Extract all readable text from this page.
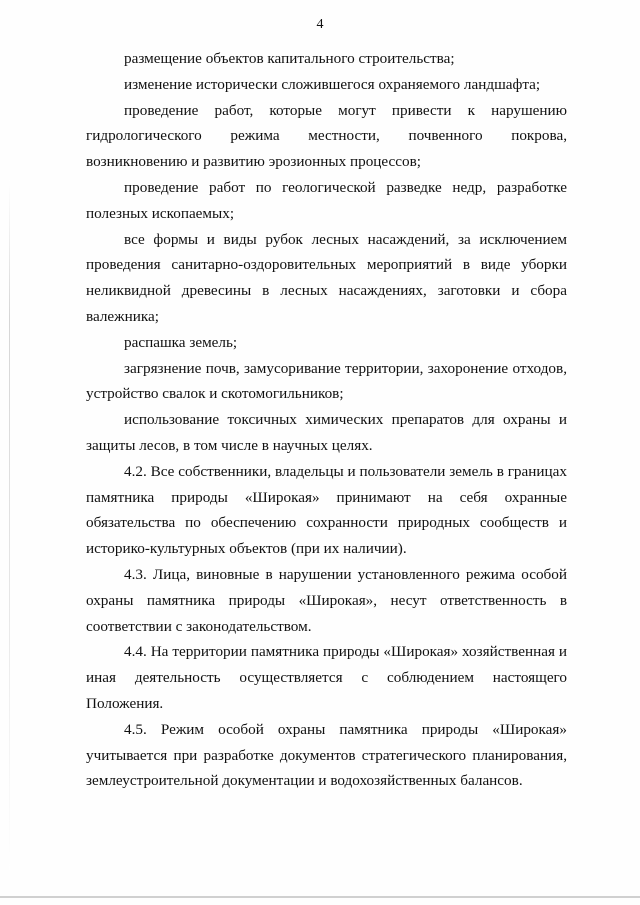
4

размещение объектов капитального строительства;

изменение исторически сложившегося охраняемого ландшафта;

проведение работ, которые могут привести к нарушению гидрологического режима местности, почвенного покрова, возникновению и развитию эрозионных процессов;

проведение работ по геологической разведке недр, разработке полезных ископаемых;

все формы и виды рубок лесных насаждений, за исключением проведения санитарно-оздоровительных мероприятий в виде уборки неликвидной древесины в лесных насаждениях, заготовки и сбора валежника;

распашка земель;

загрязнение почв, замусоривание территории, захоронение отходов, устройство свалок и скотомогильников;

использование токсичных химических препаратов для охраны и защиты лесов, в том числе в научных целях.

4.2. Все собственники, владельцы и пользователи земель в границах памятника природы «Широкая» принимают на себя охранные обязательства по обеспечению сохранности природных сообществ и историко-культурных объектов (при их наличии).

4.3. Лица, виновные в нарушении установленного режима особой охраны памятника природы «Широкая», несут ответственность в соответствии с законодательством.

4.4. На территории памятника природы «Широкая» хозяйственная и иная деятельность осуществляется с соблюдением настоящего Положения.

4.5. Режим особой охраны памятника природы «Широкая» учитывается при разработке документов стратегического планирования, землеустроительной документации и водохозяйственных балансов.
